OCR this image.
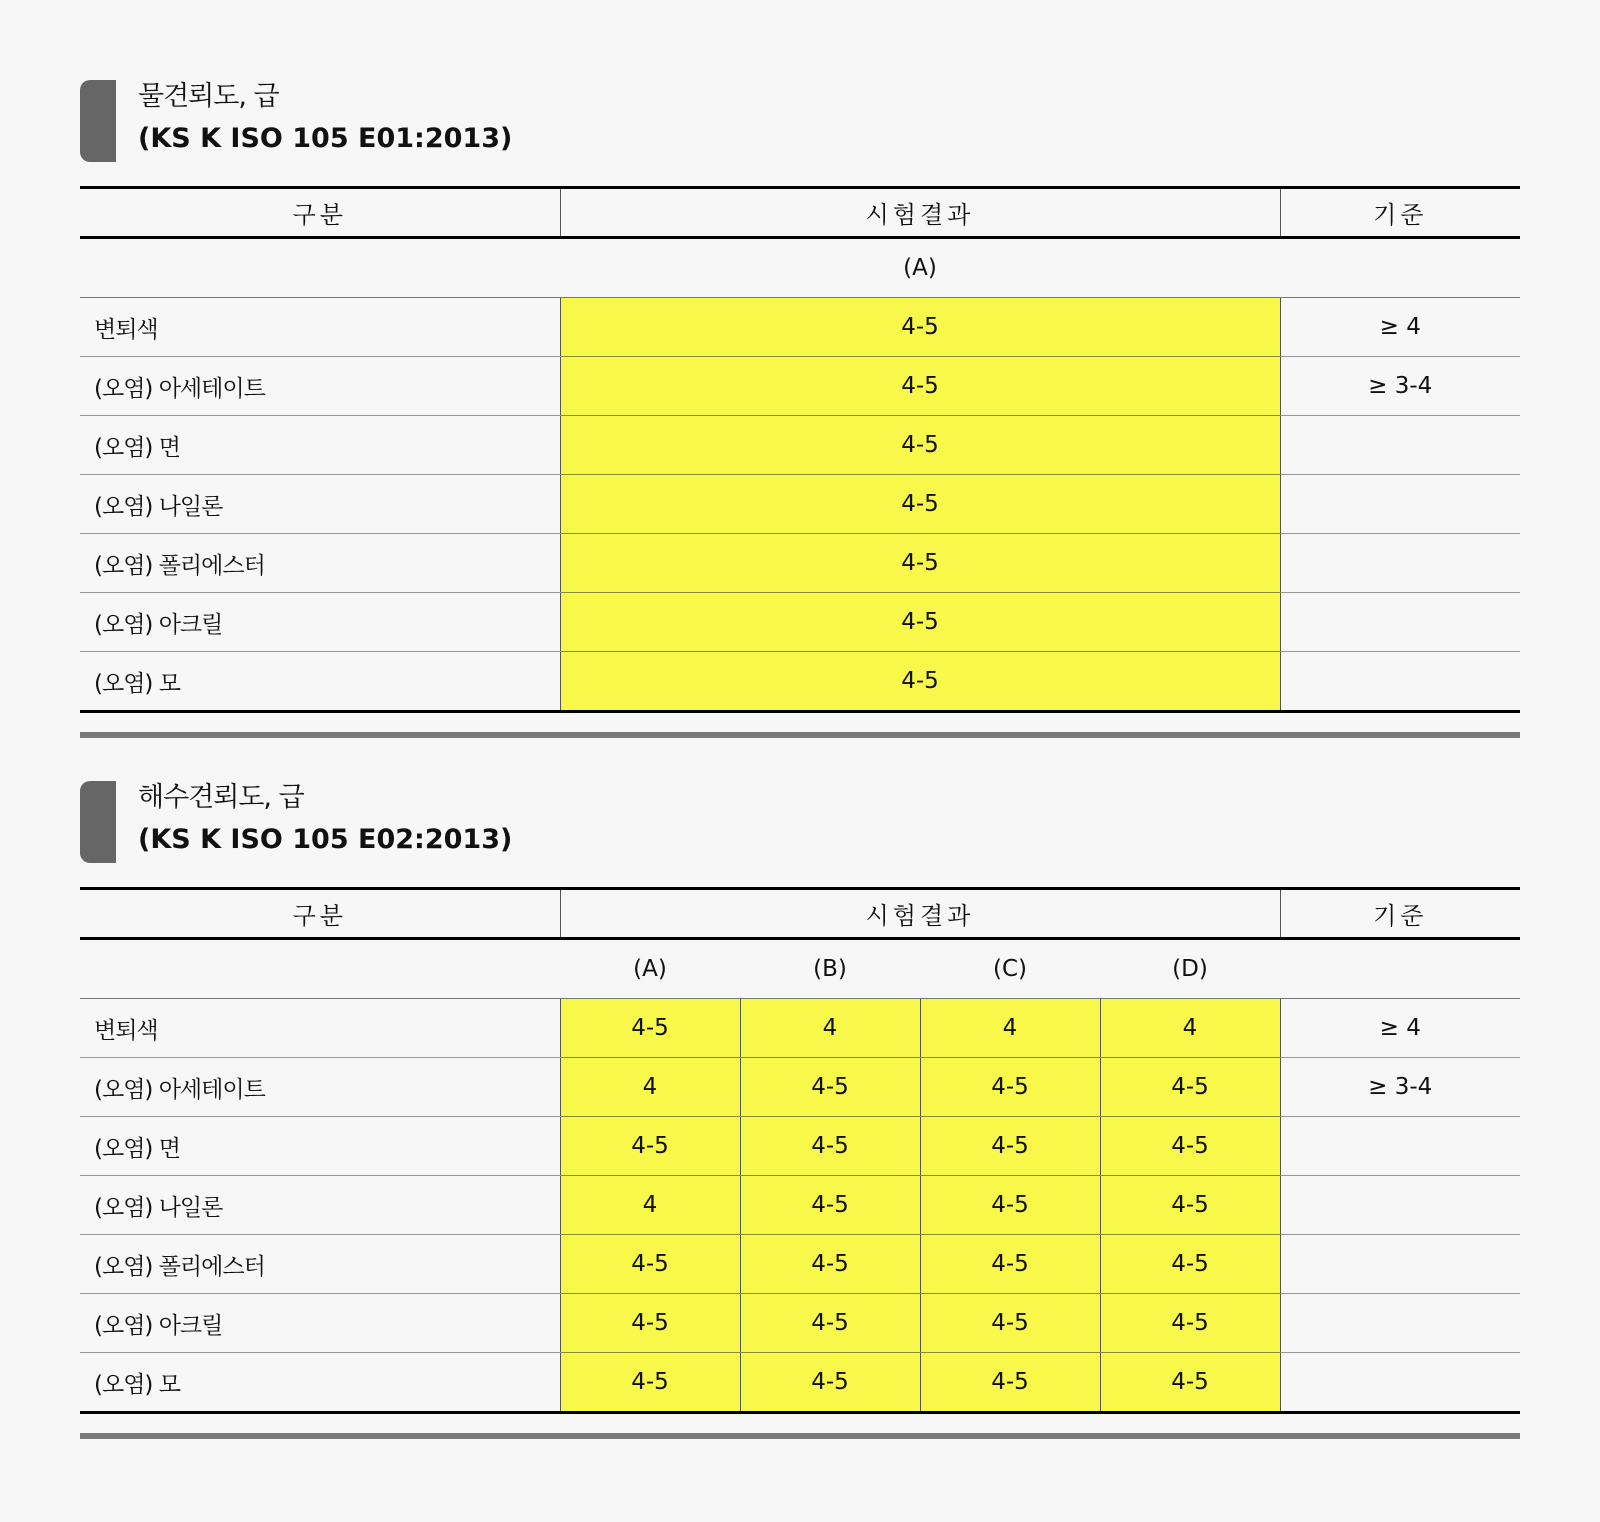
물견뢰도, 급
(KS K ISO 105 E01:2013)
구분	시험결과	기준
	(A)	
변퇴색	4-5	≥ 4
(오염) 아세테이트	4-5	≥ 3-4
(오염) 면	4-5	
(오염) 나일론	4-5	
(오염) 폴리에스터	4-5	
(오염) 아크릴	4-5	
(오염) 모	4-5	
해수견뢰도, 급
(KS K ISO 105 E02:2013)
구분	시험결과				기준
	(A)	(B)	(C)	(D)	
변퇴색	4-5	4	4	4	≥ 4
(오염) 아세테이트	4	4-5	4-5	4-5	≥ 3-4
(오염) 면	4-5	4-5	4-5	4-5	
(오염) 나일론	4	4-5	4-5	4-5	
(오염) 폴리에스터	4-5	4-5	4-5	4-5	
(오염) 아크릴	4-5	4-5	4-5	4-5	
(오염) 모	4-5	4-5	4-5	4-5	
